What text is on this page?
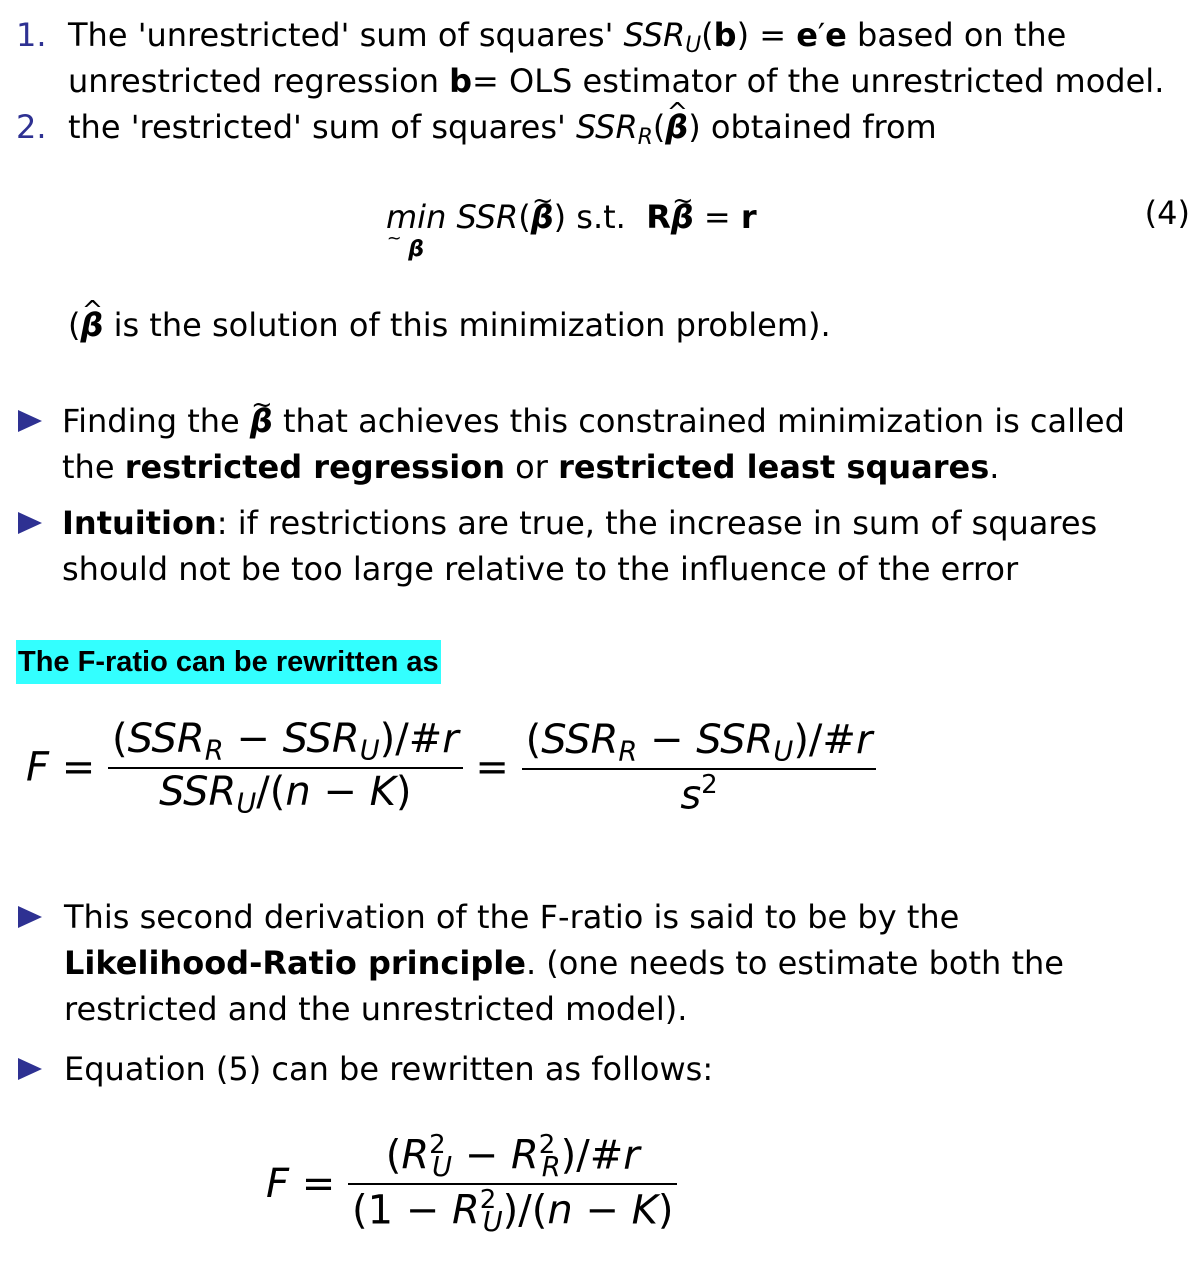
1. The 'unrestricted' sum of squares' $SSR_U(b) = e'e$ based on the
unrestricted regression b= OLS estimator of the unrestricted model.
2. the 'restricted' sum of squares' $SSR_R(\^{}$ β) obtained from
min
~ β
SSR(~ β) s.t. R~ β = r	(4)
(^ β is the solution of this minimization problem).
Finding the ~ β that achieves this constrained minimization is called
the restricted regression or restricted least squares.
Intuition: if restrictions are true, the increase in sum of squares
should not be too large relative to the influence of the error
The F-ratio can be rewritten as
$F = \frac{(SSR_R - SSR_U)/\#r}{SSR_U/(n - K)} = \frac{(SSR_R - SSR_U)/\#r}{s^2}$
This second derivation of the F-ratio is said to be by the
Likelihood-Ratio principle. (one needs to estimate both the
restricted and the unrestricted model).
Equation (5) can be rewritten as follows:
$F = \frac{(R^2_U - R^2_R)/\#r}{(1 - R^2_U)/(n - K)}$
